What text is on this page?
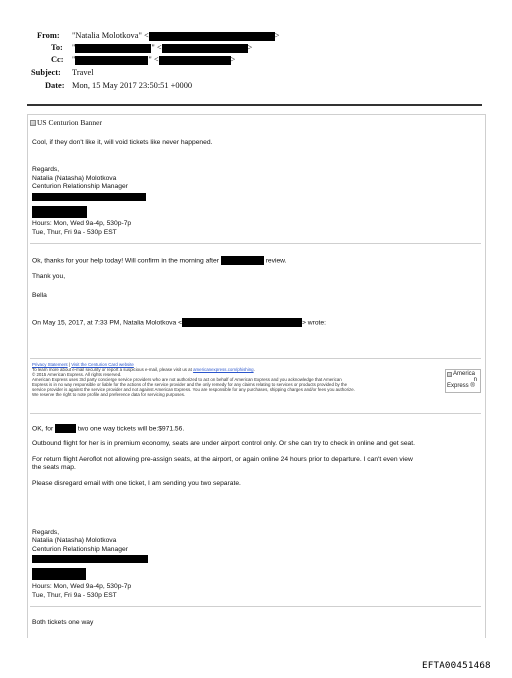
From: "Natalia Molotkova" <	>
To: "	" <	>
Cc: "	" <	>
Subject: Travel
Date: Mon, 15 May 2017 23:50:51 +0000
US Centurion Banner
Cool, if they don't like it, will void tickets like never happened.
Regards,
Natalia (Natasha) Molotkova
Centurion Relationship Manager
Hours: Mon, Wed 9a-4p, 530p-7p
Tue, Thur, Fri 9a - 530p EST
Ok, thanks for your help today! Will confirm in the morning after	review.
Thank you,
Bella
On May 15, 2017, at 7:33 PM, Natalia Molotkova <	> wrote:
Privacy Statement | Visit the Centurion Card website
To learn more about e-mail security or report a suspicious e-mail, please visit us at americanexpress.com/phishing.
© 2015 American Express. All rights reserved.
American Express uses 3rd party concierge service providers who are not authorized to act on behalf of American Express and you acknowledge that American
Express is in no way responsible or liable for the actions of the service provider and the only remedy for any claims relating to services or products provided by the
service provider is against the service provider and not against American Express. You are responsible for any purchases, shipping charges and/or fees you authorize.
We reserve the right to note profile and preference data for servicing purposes.
America
n
Express ®
OK, for	two one way tickets will be:$971.56.
Outbound flight for her is in premium economy, seats are under airport control only. Or she can try to check in online and get seat.
For return flight Aeroflot not allowing pre-assign seats, at the airport, or again online 24 hours prior to departure. I can't even view
the seats map.
Please disregard email with one ticket, I am sending you two separate.
Regards,
Natalia (Natasha) Molotkova
Centurion Relationship Manager
Hours: Mon, Wed 9a-4p, 530p-7p
Tue, Thur, Fri 9a - 530p EST
Both tickets one way
EFTA00451468
